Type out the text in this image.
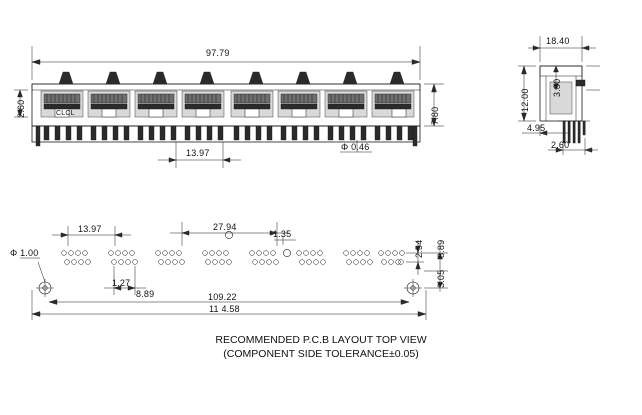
97.79
2.60	7.80
13.97
Φ 0.46
CLCL
18.40
12.00
3.80
4.95
2.60
13.97	27.94
1.35
2.54 8.89
3.05
Φ 1.00
1.27
8.89	109.22
11 4.58
RECOMMENDED P.C.B LAYOUT TOP VIEW
(COMPONENT SIDE TOLERANCE±0.05)
